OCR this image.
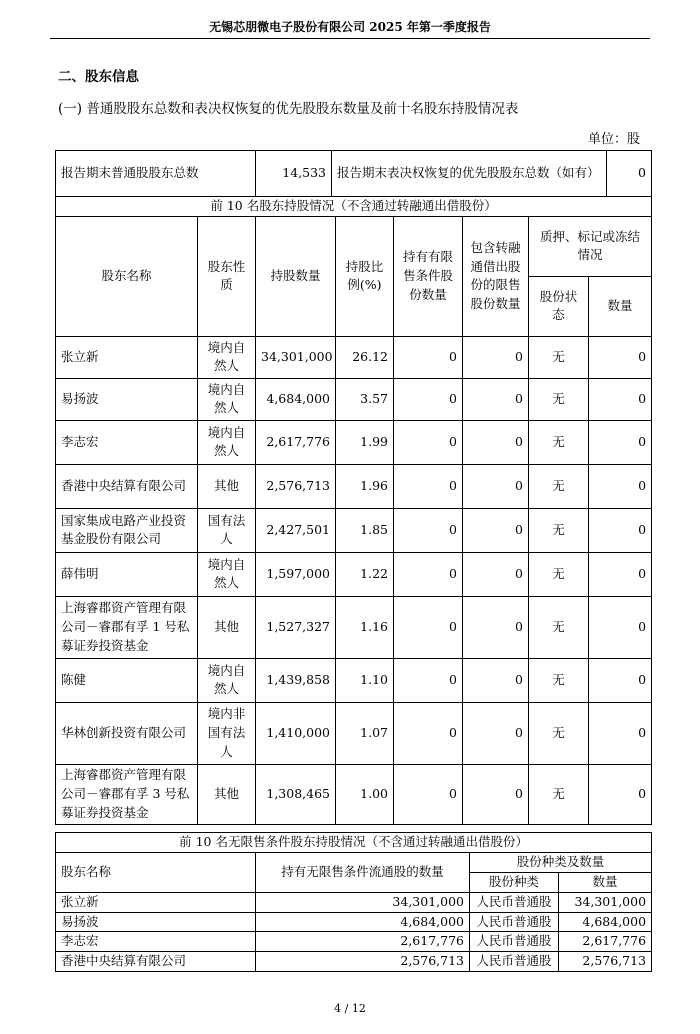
无锡芯朋微电子股份有限公司 2025 年第一季度报告
二、股东信息
(一) 普通股股东总数和表决权恢复的优先股股东数量及前十名股东持股情况表
单位：股
报告期末普通股股东总数	14,533	报告期末表决权恢复的优先股股东总数（如有）	0
前 10 名股东持股情况（不含通过转融通出借股份）							
股东名称	股东性质	持股数量	持股比例(%)	持有有限售条件股份数量	包含转融通借出股份的限售股份数量	质押、标记或冻结情况	
						股份状态	数量
张立新	境内自然人	34,301,000	26.12	0	0	无	0
易扬波	境内自然人	4,684,000	3.57	0	0	无	0
李志宏	境内自然人	2,617,776	1.99	0	0	无	0
香港中央结算有限公司	其他	2,576,713	1.96	0	0	无	0
国家集成电路产业投资基金股份有限公司	国有法人	2,427,501	1.85	0	0	无	0
薛伟明	境内自然人	1,597,000	1.22	0	0	无	0
上海睿郡资产管理有限公司－睿郡有孚 1 号私募证券投资基金	其他	1,527,327	1.16	0	0	无	0
陈健	境内自然人	1,439,858	1.10	0	0	无	0
华林创新投资有限公司	境内非国有法人	1,410,000	1.07	0	0	无	0
上海睿郡资产管理有限公司－睿郡有孚 3 号私募证券投资基金	其他	1,308,465	1.00	0	0	无	0
前 10 名无限售条件股东持股情况（不含通过转融通出借股份）			
股东名称	持有无限售条件流通股的数量	股份种类及数量	
		股份种类	数量
张立新	34,301,000	人民币普通股	34,301,000
易扬波	4,684,000	人民币普通股	4,684,000
李志宏	2,617,776	人民币普通股	2,617,776
香港中央结算有限公司	2,576,713	人民币普通股	2,576,713
4 / 12
